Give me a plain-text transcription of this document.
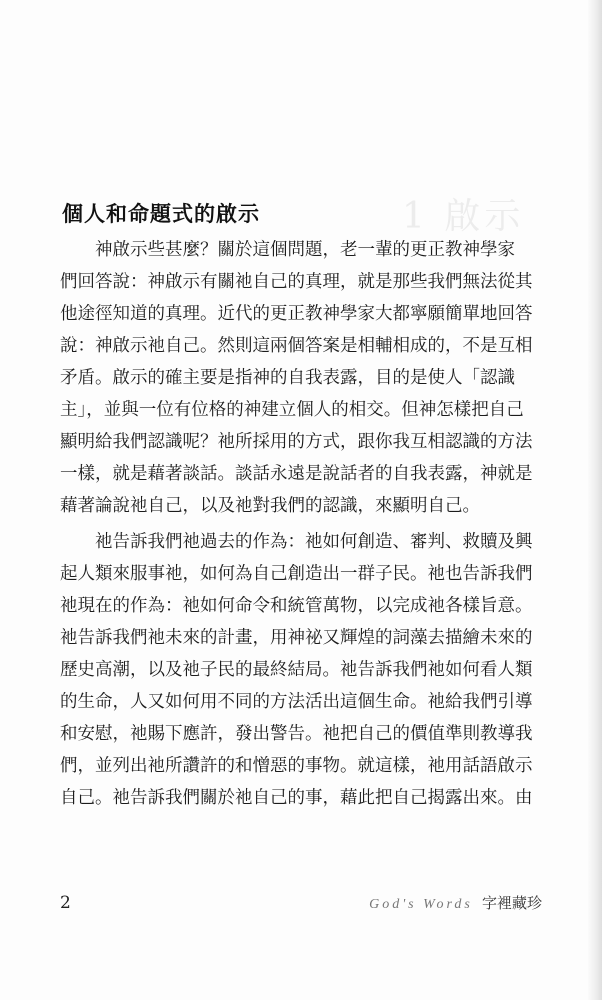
1 啟示
個人和命題式的啟示
　　神啟示些甚麼？關於這個問題，老一輩的更正教神學家
們回答說：神啟示有關祂自己的真理，就是那些我們無法從其
他途徑知道的真理。近代的更正教神學家大都寧願簡單地回答
說：神啟示祂自己。然則這兩個答案是相輔相成的，不是互相
矛盾。啟示的確主要是指神的自我表露，目的是使人「認識
主」，並與一位有位格的神建立個人的相交。但神怎樣把自己
顯明給我們認識呢？祂所採用的方式，跟你我互相認識的方法
一樣，就是藉著談話。談話永遠是說話者的自我表露，神就是
藉著論說祂自己，以及祂對我們的認識，來顯明自己。
　　祂告訴我們祂過去的作為：祂如何創造、審判、救贖及興
起人類來服事祂，如何為自己創造出一群子民。祂也告訴我們
祂現在的作為：祂如何命令和統管萬物，以完成祂各樣旨意。
祂告訴我們祂未來的計畫，用神祕又輝煌的詞藻去描繪未來的
歷史高潮，以及祂子民的最終結局。祂告訴我們祂如何看人類
的生命，人又如何用不同的方法活出這個生命。祂給我們引導
和安慰，祂賜下應許，發出警告。祂把自己的價值準則教導我
們，並列出祂所讚許的和憎惡的事物。就這樣，祂用話語啟示
自己。祂告訴我們關於祂自己的事，藉此把自己揭露出來。由
2	God's Words 字裡藏珍
